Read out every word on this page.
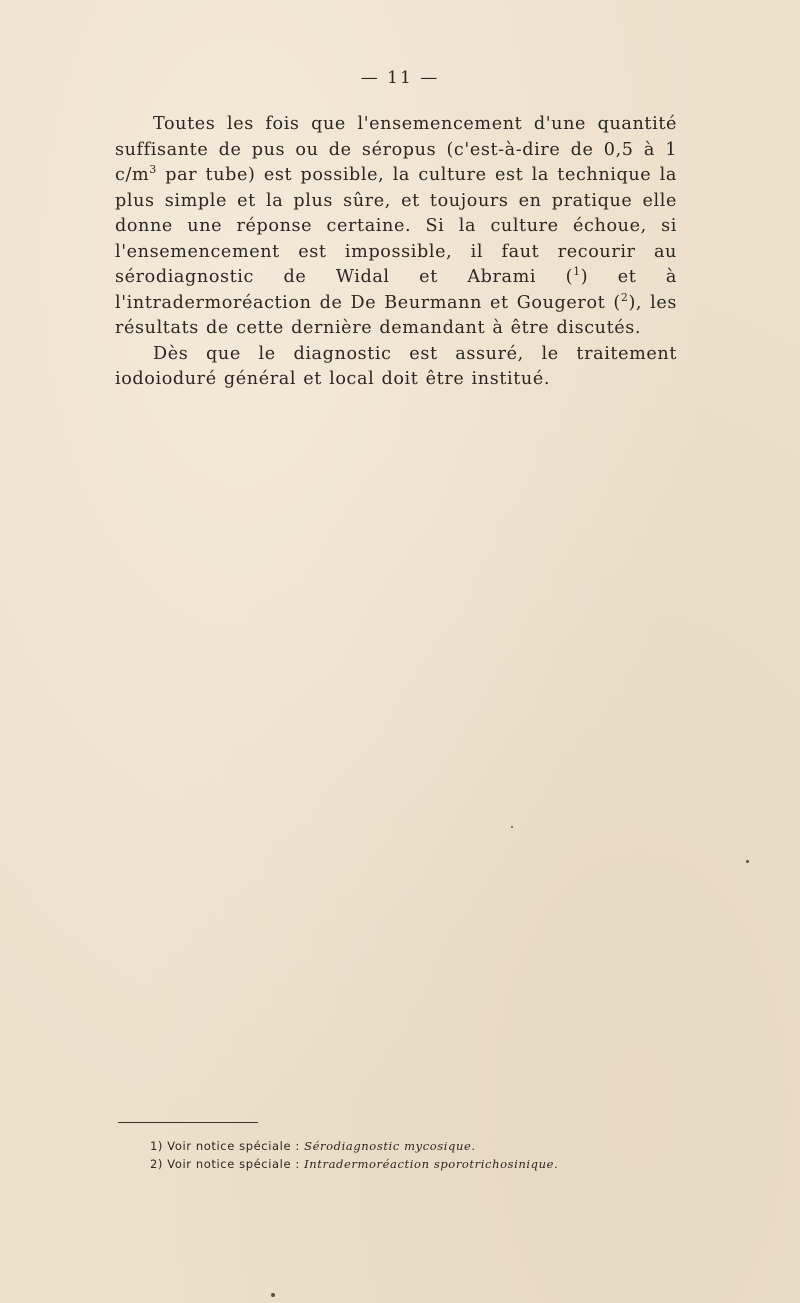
— 11 —

Toutes les fois que l'ensemencement d'une quantité suffisante de pus ou de séropus (c'est-à-dire de 0,5 à 1 $c/m^3$ par tube) est possible, la culture est la technique la plus simple et la plus sûre, et toujours en pratique elle donne une réponse certaine. Si la culture échoue, si l'ensemencement est impossible, il faut recourir au sérodiagnostic de Widal et Abrami ($^1$) et à l'intradermoréaction de De Beurmann et Gougerot ($^2$), les résultats de cette dernière demandant à être discutés.

Dès que le diagnostic est assuré, le traitement iodoioduré général et local doit être institué.

1) Voir notice spéciale : Sérodiagnostic mycosique.
2) Voir notice spéciale : Intradermoréaction sporotrichosinique.
